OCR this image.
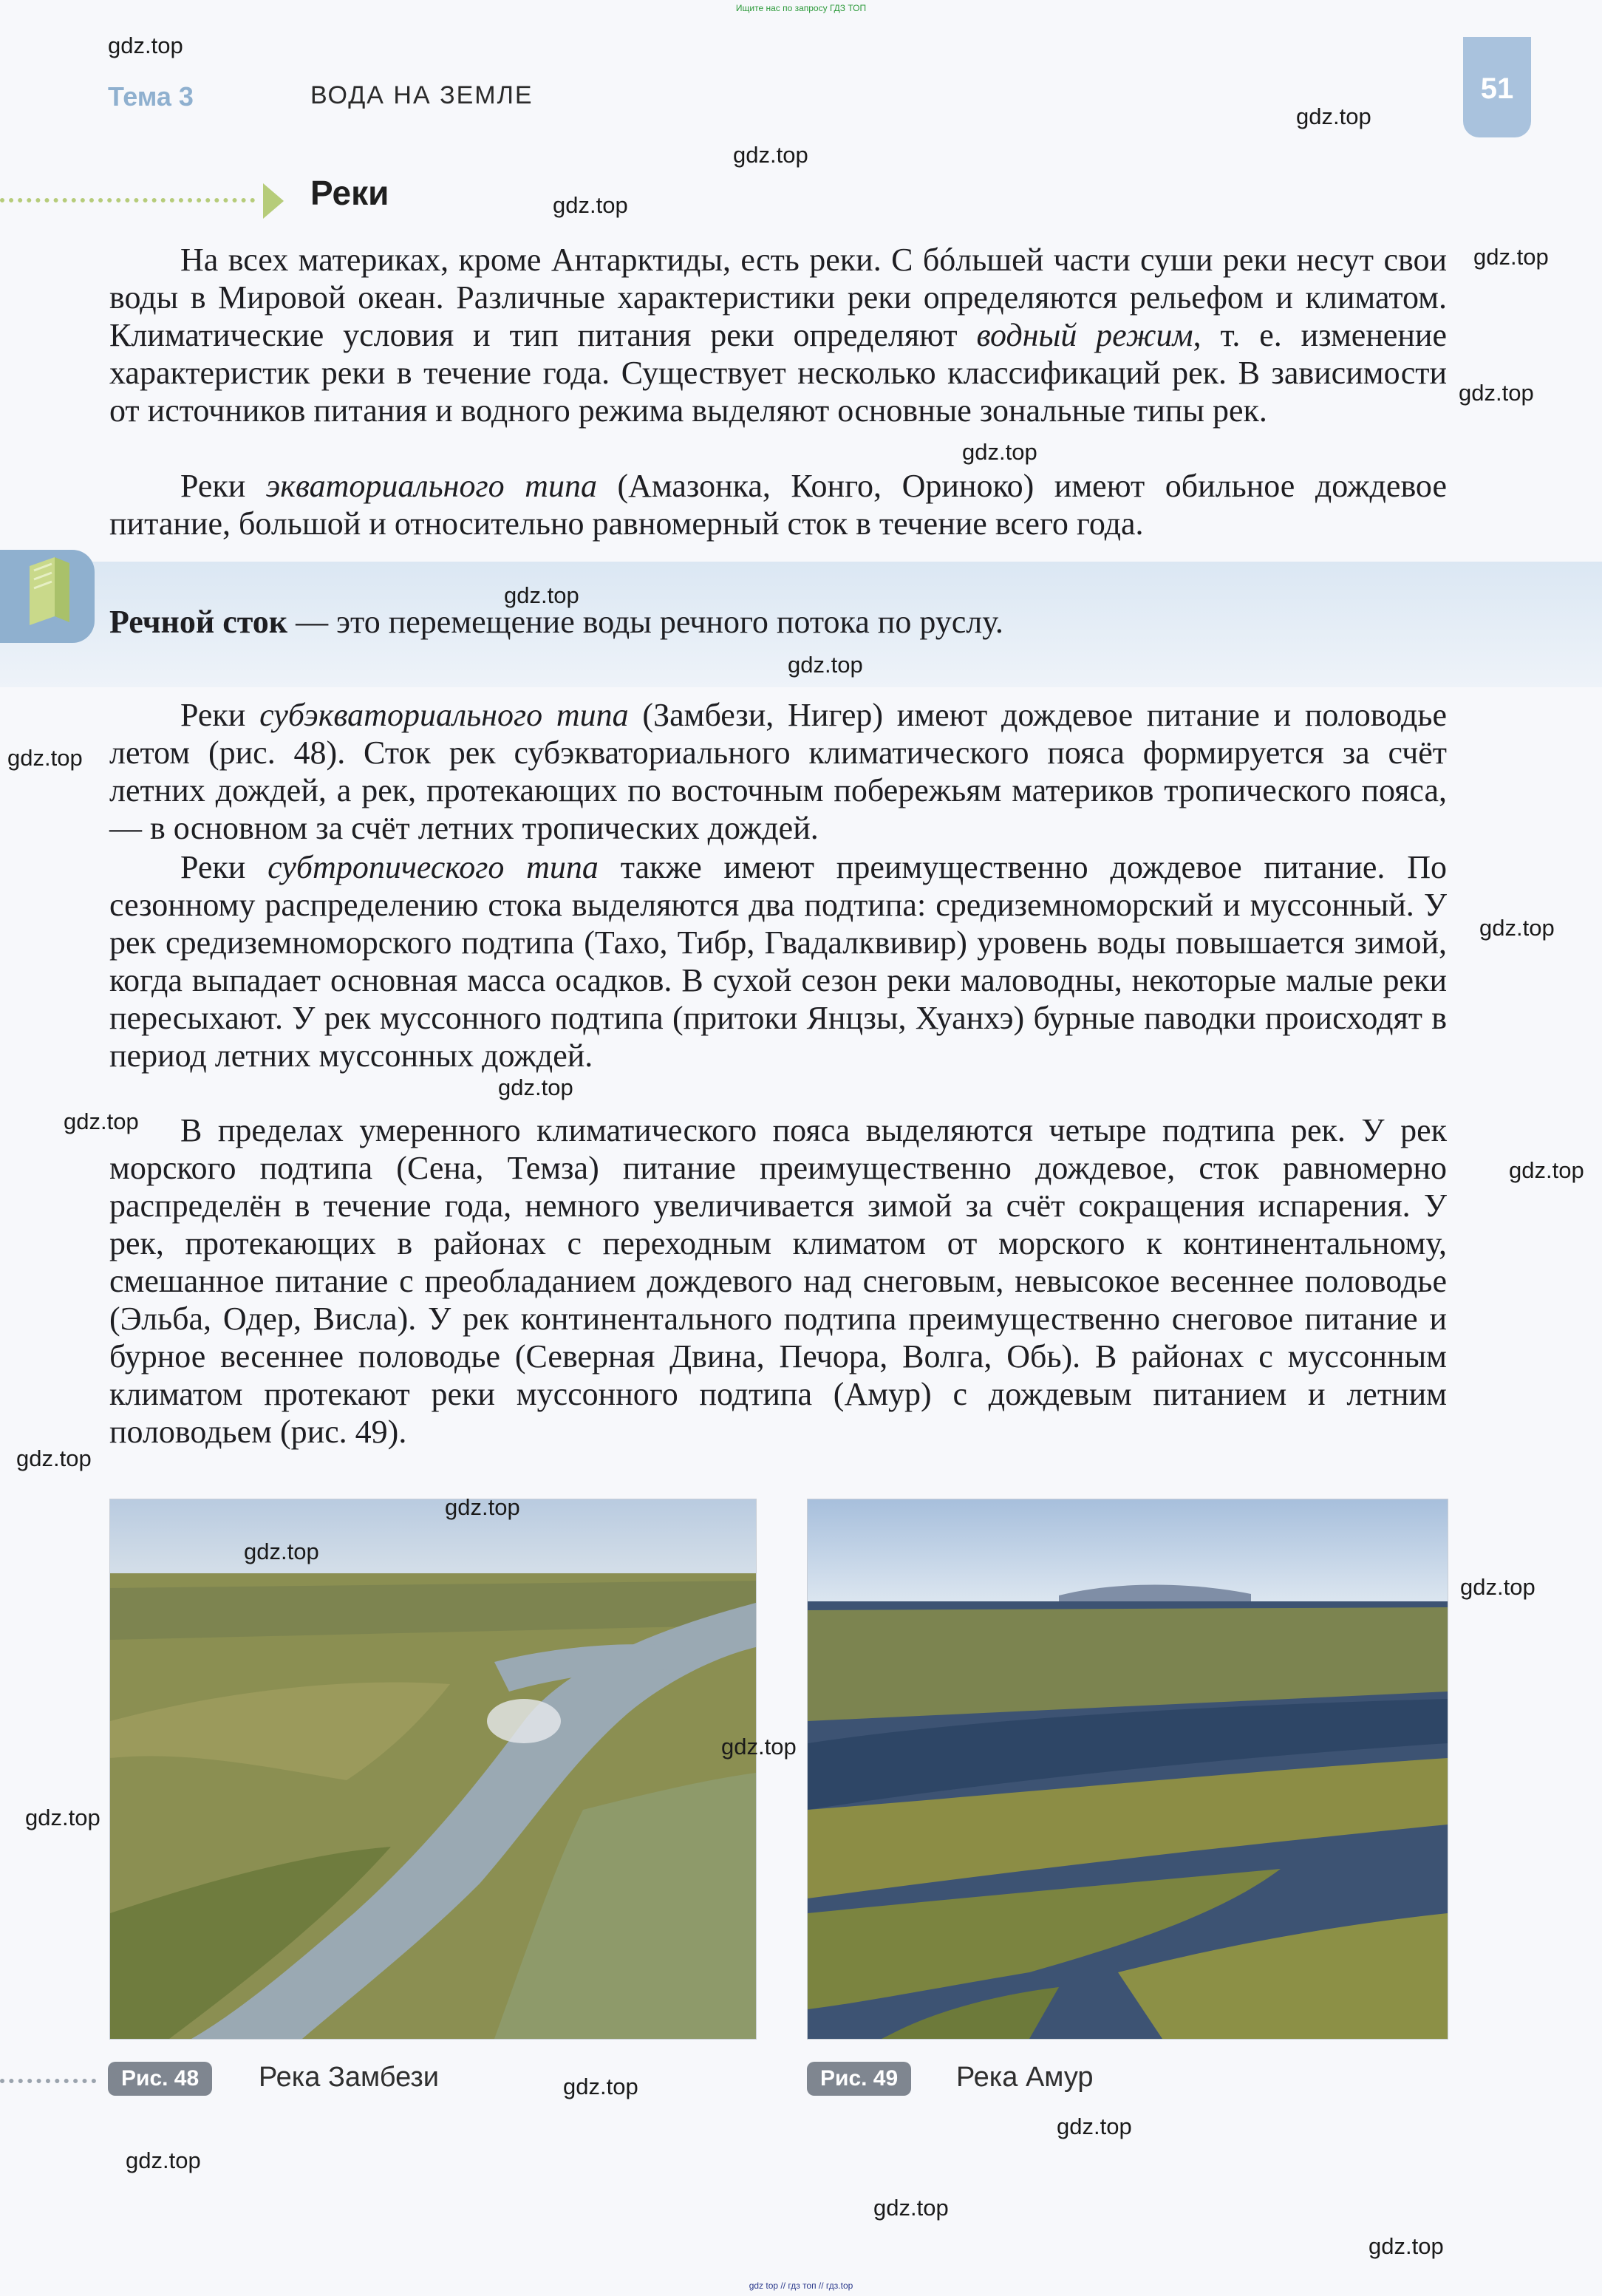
Ищите нас по запросу ГДЗ ТОП
Тема 3	ВОДА НА ЗЕМЛЕ	51
Реки

На всех материках, кроме Антарктиды, есть реки. С бóльшей части суши реки несут свои воды в Мировой океан. Различные характеристики реки определяются рельефом и климатом. Климатические условия и тип питания реки определяют водный режим, т. е. изменение характеристик реки в течение года. Существует несколько классификаций рек. В зависимости от источников питания и водного режима выделяют основные зональные типы рек.

Реки экваториального типа (Амазонка, Конго, Ориноко) имеют обильное дождевое питание, большой и относительно равномерный сток в течение всего года.

Речной сток — это перемещение воды речного потока по руслу.

Реки субэкваториального типа (Замбези, Нигер) имеют дождевое питание и половодье летом (рис. 48). Сток рек субэкваториального климатического пояса формируется за счёт летних дождей, а рек, протекающих по восточным побережьям материков тропического пояса, — в основном за счёт летних тропических дождей.

Реки субтропического типа также имеют преимущественно дождевое питание. По сезонному распределению стока выделяются два подтипа: средиземноморский и муссонный. У рек средиземноморского подтипа (Тахо, Тибр, Гвадалквивир) уровень воды повышается зимой, когда выпадает основная масса осадков. В сухой сезон реки маловодны, некоторые малые реки пересыхают. У рек муссонного подтипа (притоки Янцзы, Хуанхэ) бурные паводки происходят в период летних муссонных дождей.

В пределах умеренного климатического пояса выделяются четыре подтипа рек. У рек морского подтипа (Сена, Темза) питание преимущественно дождевое, сток равномерно распределён в течение года, немного увеличивается зимой за счёт сокращения испарения. У рек, протекающих в районах с переходным климатом от морского к континентальному, смешанное питание с преобладанием дождевого над снеговым, невысокое весеннее половодье (Эльба, Одер, Висла). У рек континентального подтипа преимущественно снеговое питание и бурное весеннее половодье (Северная Двина, Печора, Волга, Обь). В районах с муссонным климатом протекают реки муссонного подтипа (Амур) с дождевым питанием и летним половодьем (рис. 49).

Рис. 48	Река Замбези	Рис. 49	Река Амур
gdz.top
gdz.top
gdz.top
gdz.top
gdz.top
gdz.top
gdz.top
gdz.top
gdz.top
gdz.top
gdz.top
gdz.top
gdz.top
gdz.top
gdz.top
gdz.top
gdz.top
gdz.top
gdz.top
gdz.top
gdz.top
gdz.top
gdz.top
gdz.top
gdz.top
gdz top // гдз топ // гдз.top
